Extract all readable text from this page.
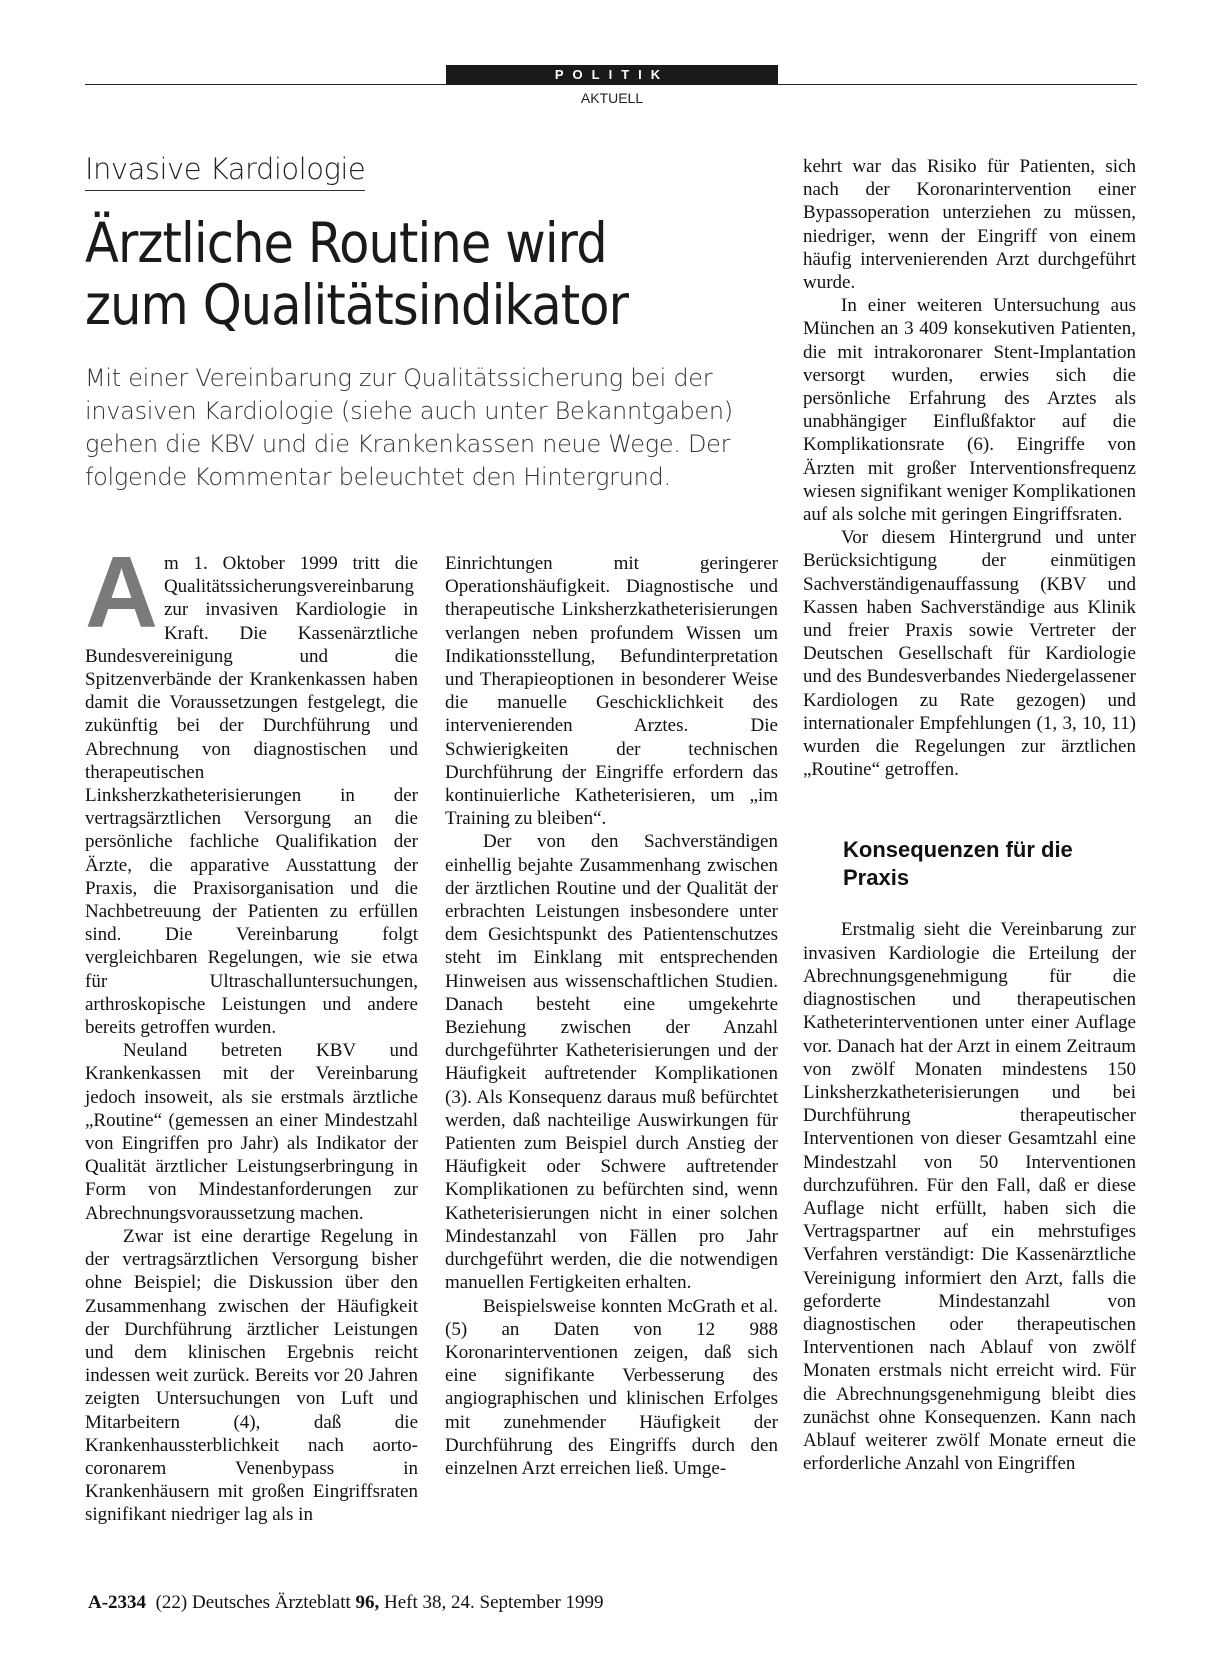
POLITIK
AKTUELL
Invasive Kardiologie
Ärztliche Routine wird zum Qualitätsindikator

Mit einer Vereinbarung zur Qualitätssicherung bei der invasiven Kardiologie (siehe auch unter Bekanntgaben) gehen die KBV und die Krankenkassen neue Wege. Der folgende Kommentar beleuchtet den Hintergrund.

Am 1. Oktober 1999 tritt die Qualitätssicherungsvereinbarung zur invasiven Kardiologie in Kraft. Die Kassenärztliche Bundesvereinigung und die Spitzenverbände der Krankenkassen haben damit die Voraussetzungen festgelegt, die zukünftig bei der Durchführung und Abrechnung von diagnostischen und therapeutischen Linksherzkatheterisierungen in der vertragsärztlichen Versorgung an die persönliche fachliche Qualifikation der Ärzte, die apparative Ausstattung der Praxis, die Praxisorganisation und die Nachbetreuung der Patienten zu erfüllen sind. Die Vereinbarung folgt vergleichbaren Regelungen, wie sie etwa für Ultraschalluntersuchungen, arthroskopische Leistungen und andere bereits getroffen wurden.

Neuland betreten KBV und Krankenkassen mit der Vereinbarung jedoch insoweit, als sie erstmals ärztliche „Routine“ (gemessen an einer Mindestzahl von Eingriffen pro Jahr) als Indikator der Qualität ärztlicher Leistungserbringung in Form von Mindestanforderungen zur Abrechnungsvoraussetzung machen.

Zwar ist eine derartige Regelung in der vertragsärztlichen Versorgung bisher ohne Beispiel; die Diskussion über den Zusammenhang zwischen der Häufigkeit der Durchführung ärztlicher Leistungen und dem klinischen Ergebnis reicht indessen weit zurück. Bereits vor 20 Jahren zeigten Untersuchungen von Luft und Mitarbeitern (4), daß die Krankenhaussterblichkeit nach aorto-coronarem Venenbypass in Krankenhäusern mit großen Eingriffsraten signifikant niedriger lag als in

Einrichtungen mit geringerer Operationshäufigkeit. Diagnostische und therapeutische Linksherzkatheterisierungen verlangen neben profundem Wissen um Indikationsstellung, Befundinterpretation und Therapieoptionen in besonderer Weise die manuelle Geschicklichkeit des intervenierenden Arztes. Die Schwierigkeiten der technischen Durchführung der Eingriffe erfordern das kontinuierliche Katheterisieren, um „im Training zu bleiben“.

Der von den Sachverständigen einhellig bejahte Zusammenhang zwischen der ärztlichen Routine und der Qualität der erbrachten Leistungen insbesondere unter dem Gesichtspunkt des Patientenschutzes steht im Einklang mit entsprechenden Hinweisen aus wissenschaftlichen Studien. Danach besteht eine umgekehrte Beziehung zwischen der Anzahl durchgeführter Katheterisierungen und der Häufigkeit auftretender Komplikationen (3). Als Konsequenz daraus muß befürchtet werden, daß nachteilige Auswirkungen für Patienten zum Beispiel durch Anstieg der Häufigkeit oder Schwere auftretender Komplikationen zu befürchten sind, wenn Katheterisierungen nicht in einer solchen Mindestanzahl von Fällen pro Jahr durchgeführt werden, die die notwendigen manuellen Fertigkeiten erhalten.

Beispielsweise konnten McGrath et al. (5) an Daten von 12 988 Koronarinterventionen zeigen, daß sich eine signifikante Verbesserung des angiographischen und klinischen Erfolges mit zunehmender Häufigkeit der Durchführung des Eingriffs durch den einzelnen Arzt erreichen ließ. Umge-

kehrt war das Risiko für Patienten, sich nach der Koronarintervention einer Bypassoperation unterziehen zu müssen, niedriger, wenn der Eingriff von einem häufig intervenierenden Arzt durchgeführt wurde.

In einer weiteren Untersuchung aus München an 3 409 konsekutiven Patienten, die mit intrakoronarer Stent-Implantation versorgt wurden, erwies sich die persönliche Erfahrung des Arztes als unabhängiger Einflußfaktor auf die Komplikationsrate (6). Eingriffe von Ärzten mit großer Interventionsfrequenz wiesen signifikant weniger Komplikationen auf als solche mit geringen Eingriffsraten.

Vor diesem Hintergrund und unter Berücksichtigung der einmütigen Sachverständigenauffassung (KBV und Kassen haben Sachverständige aus Klinik und freier Praxis sowie Vertreter der Deutschen Gesellschaft für Kardiologie und des Bundesverbandes Niedergelassener Kardiologen zu Rate gezogen) und internationaler Empfehlungen (1, 3, 10, 11) wurden die Regelungen zur ärztlichen „Routine“ getroffen.

Konsequenzen für die Praxis

Erstmalig sieht die Vereinbarung zur invasiven Kardiologie die Erteilung der Abrechnungsgenehmigung für die diagnostischen und therapeutischen Katheterinterventionen unter einer Auflage vor. Danach hat der Arzt in einem Zeitraum von zwölf Monaten mindestens 150 Linksherzkatheterisierungen und bei Durchführung therapeutischer Interventionen von dieser Gesamtzahl eine Mindestzahl von 50 Interventionen durchzuführen. Für den Fall, daß er diese Auflage nicht erfüllt, haben sich die Vertragspartner auf ein mehrstufiges Verfahren verständigt: Die Kassenärztliche Vereinigung informiert den Arzt, falls die geforderte Mindestanzahl von diagnostischen oder therapeutischen Interventionen nach Ablauf von zwölf Monaten erstmals nicht erreicht wird. Für die Abrechnungsgenehmigung bleibt dies zunächst ohne Konsequenzen. Kann nach Ablauf weiterer zwölf Monate erneut die erforderliche Anzahl von Eingriffen

A-2334 (22) Deutsches Ärzteblatt 96, Heft 38, 24. September 1999
